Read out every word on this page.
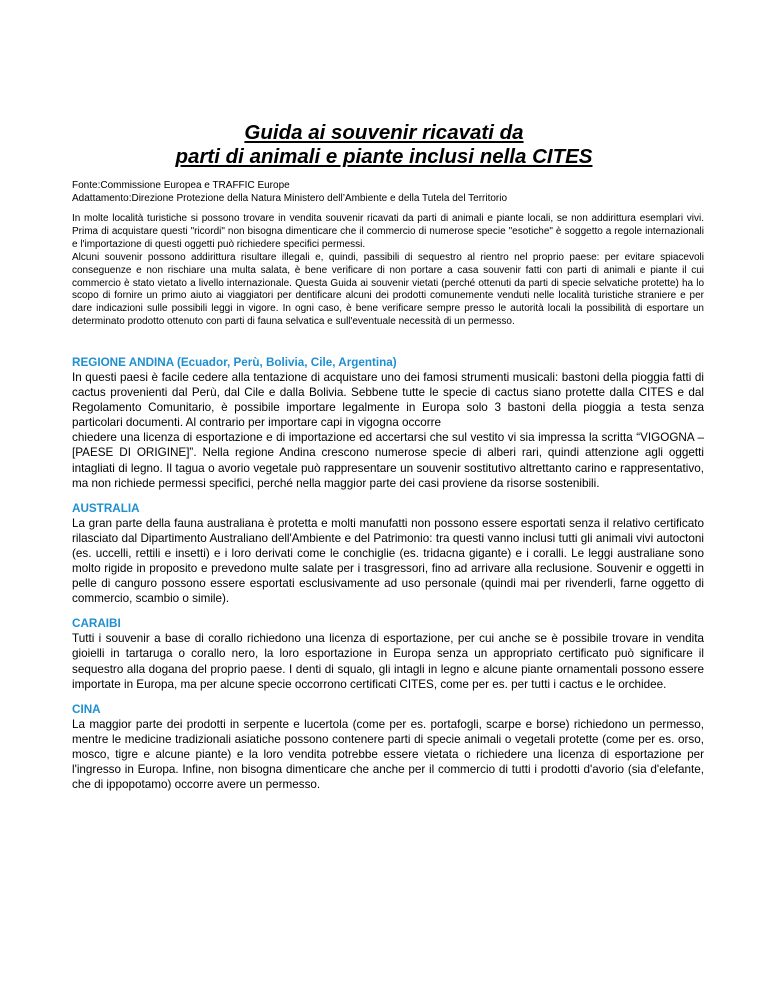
Guida ai souvenir ricavati da
parti di animali e piante inclusi nella CITES
Fonte:Commissione Europea e TRAFFIC Europe
Adattamento:Direzione Protezione della Natura Ministero dell’Ambiente e della Tutela del Territorio

In molte località turistiche si possono trovare in vendita souvenir ricavati da parti di animali e piante locali, se non addirittura esemplari vivi. Prima di acquistare questi "ricordi" non bisogna dimenticare che il commercio di numerose specie "esotiche" è soggetto a regole internazionali e l'importazione di questi oggetti può richiedere specifici permessi.

Alcuni souvenir possono addirittura risultare illegali e, quindi, passibili di sequestro al rientro nel proprio paese: per evitare spiacevoli conseguenze e non rischiare una multa salata, è bene verificare di non portare a casa souvenir fatti con parti di animali e piante il cui commercio è stato vietato a livello internazionale. Questa Guida ai souvenir vietati (perché ottenuti da parti di specie selvatiche protette) ha lo scopo di fornire un primo aiuto ai viaggiatori per dentificare alcuni dei prodotti comunemente venduti nelle località turistiche straniere e per dare indicazioni sulle possibili leggi in vigore. In ogni caso, è bene verificare sempre presso le autorità locali la possibilità di esportare un determinato prodotto ottenuto con parti di fauna selvatica e sull'eventuale necessità di un permesso.

REGIONE ANDINA (Ecuador, Perù, Bolivia, Cile, Argentina)

In questi paesi è facile cedere alla tentazione di acquistare uno dei famosi strumenti musicali: bastoni della pioggia fatti di cactus provenienti dal Perù, dal Cile e dalla Bolivia. Sebbene tutte le specie di cactus siano protette dalla CITES e dal Regolamento Comunitario, è possibile importare legalmente in Europa solo 3 bastoni della pioggia a testa senza particolari documenti. Al contrario per importare capi in vigogna occorre

chiedere una licenza di esportazione e di importazione ed accertarsi che sul vestito vi sia impressa la scritta “VIGOGNA – [PAESE DI ORIGINE]”. Nella regione Andina crescono numerose specie di alberi rari, quindi attenzione agli oggetti intagliati di legno. Il tagua o avorio vegetale può rappresentare un souvenir sostitutivo altrettanto carino e rappresentativo, ma non richiede permessi specifici, perché nella maggior parte dei casi proviene da risorse sostenibili.

AUSTRALIA

La gran parte della fauna australiana è protetta e molti manufatti non possono essere esportati senza il relativo certificato rilasciato dal Dipartimento Australiano dell'Ambiente e del Patrimonio: tra questi vanno inclusi tutti gli animali vivi autoctoni (es. uccelli, rettili e insetti) e i loro derivati come le conchiglie (es. tridacna gigante) e i coralli. Le leggi australiane sono molto rigide in proposito e prevedono multe salate per i trasgressori, fino ad arrivare alla reclusione. Souvenir e oggetti in pelle di canguro possono essere esportati esclusivamente ad uso personale (quindi mai per rivenderli, farne oggetto di commercio, scambio o simile).

CARAIBI

Tutti i souvenir a base di corallo richiedono una licenza di esportazione, per cui anche se è possibile trovare in vendita gioielli in tartaruga o corallo nero, la loro esportazione in Europa senza un appropriato certificato può significare il sequestro alla dogana del proprio paese. I denti di squalo, gli intagli in legno e alcune piante ornamentali possono essere importate in Europa, ma per alcune specie occorrono certificati CITES, come per es. per tutti i cactus e le orchidee.

CINA

La maggior parte dei prodotti in serpente e lucertola (come per es. portafogli, scarpe e borse) richiedono un permesso, mentre le medicine tradizionali asiatiche possono contenere parti di specie animali o vegetali protette (come per es. orso, mosco, tigre e alcune piante) e la loro vendita potrebbe essere vietata o richiedere una licenza di esportazione per l'ingresso in Europa. Infine, non bisogna dimenticare che anche per il commercio di tutti i prodotti d'avorio (sia d'elefante, che di ippopotamo) occorre avere un permesso.
